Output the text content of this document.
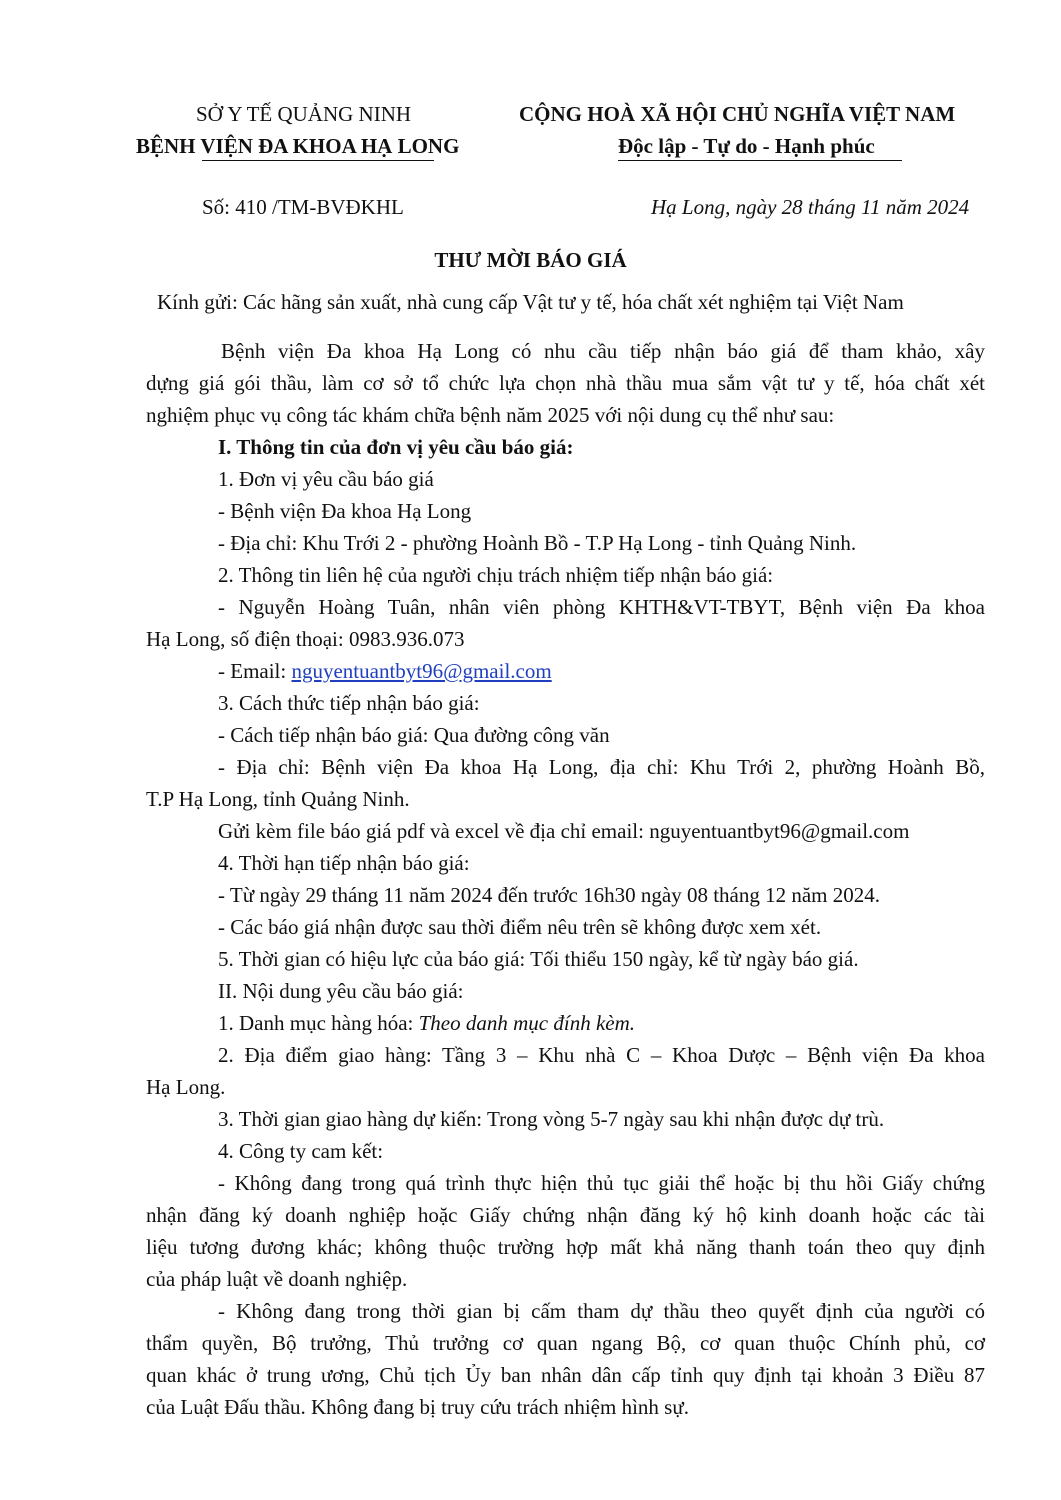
SỞ Y TẾ QUẢNG NINH
BỆNH VIỆN ĐA KHOA HẠ LONG
CỘNG HOÀ XÃ HỘI CHỦ NGHĨA VIỆT NAM
Độc lập - Tự do - Hạnh phúc
Số: 410 /TM-BVĐKHL	Hạ Long, ngày 28 tháng 11 năm 2024
THƯ MỜI BÁO GIÁ
Kính gửi: Các hãng sản xuất, nhà cung cấp Vật tư y tế, hóa chất xét nghiệm tại Việt Nam
Bệnh viện Đa khoa Hạ Long có nhu cầu tiếp nhận báo giá để tham khảo, xây
dựng giá gói thầu, làm cơ sở tổ chức lựa chọn nhà thầu mua sắm vật tư y tế, hóa chất xét
nghiệm phục vụ công tác khám chữa bệnh năm 2025 với nội dung cụ thể như sau:
I. Thông tin của đơn vị yêu cầu báo giá:
1. Đơn vị yêu cầu báo giá
- Bệnh viện Đa khoa Hạ Long
- Địa chỉ: Khu Trới 2 - phường Hoành Bồ - T.P Hạ Long - tỉnh Quảng Ninh.
2. Thông tin liên hệ của người chịu trách nhiệm tiếp nhận báo giá:
- Nguyễn Hoàng Tuân, nhân viên phòng KHTH&VT-TBYT, Bệnh viện Đa khoa
Hạ Long, số điện thoại: 0983.936.073
- Email: nguyentuantbyt96@gmail.com
3. Cách thức tiếp nhận báo giá:
- Cách tiếp nhận báo giá: Qua đường công văn
- Địa chỉ: Bệnh viện Đa khoa Hạ Long, địa chỉ: Khu Trới 2, phường Hoành Bồ,
T.P Hạ Long, tỉnh Quảng Ninh.
Gửi kèm file báo giá pdf và excel về địa chỉ email: nguyentuantbyt96@gmail.com
4. Thời hạn tiếp nhận báo giá:
- Từ ngày 29 tháng 11 năm 2024 đến trước 16h30 ngày 08 tháng 12 năm 2024.
- Các báo giá nhận được sau thời điểm nêu trên sẽ không được xem xét.
5. Thời gian có hiệu lực của báo giá: Tối thiểu 150 ngày, kể từ ngày báo giá.
II. Nội dung yêu cầu báo giá:
1. Danh mục hàng hóa: Theo danh mục đính kèm.
2. Địa điểm giao hàng: Tầng 3 – Khu nhà C – Khoa Dược – Bệnh viện Đa khoa
Hạ Long.
3. Thời gian giao hàng dự kiến: Trong vòng 5-7 ngày sau khi nhận được dự trù.
4. Công ty cam kết:
- Không đang trong quá trình thực hiện thủ tục giải thể hoặc bị thu hồi Giấy chứng
nhận đăng ký doanh nghiệp hoặc Giấy chứng nhận đăng ký hộ kinh doanh hoặc các tài
liệu tương đương khác; không thuộc trường hợp mất khả năng thanh toán theo quy định
của pháp luật về doanh nghiệp.
- Không đang trong thời gian bị cấm tham dự thầu theo quyết định của người có
thẩm quyền, Bộ trưởng, Thủ trưởng cơ quan ngang Bộ, cơ quan thuộc Chính phủ, cơ
quan khác ở trung ương, Chủ tịch Ủy ban nhân dân cấp tỉnh quy định tại khoản 3 Điều 87
của Luật Đấu thầu. Không đang bị truy cứu trách nhiệm hình sự.
